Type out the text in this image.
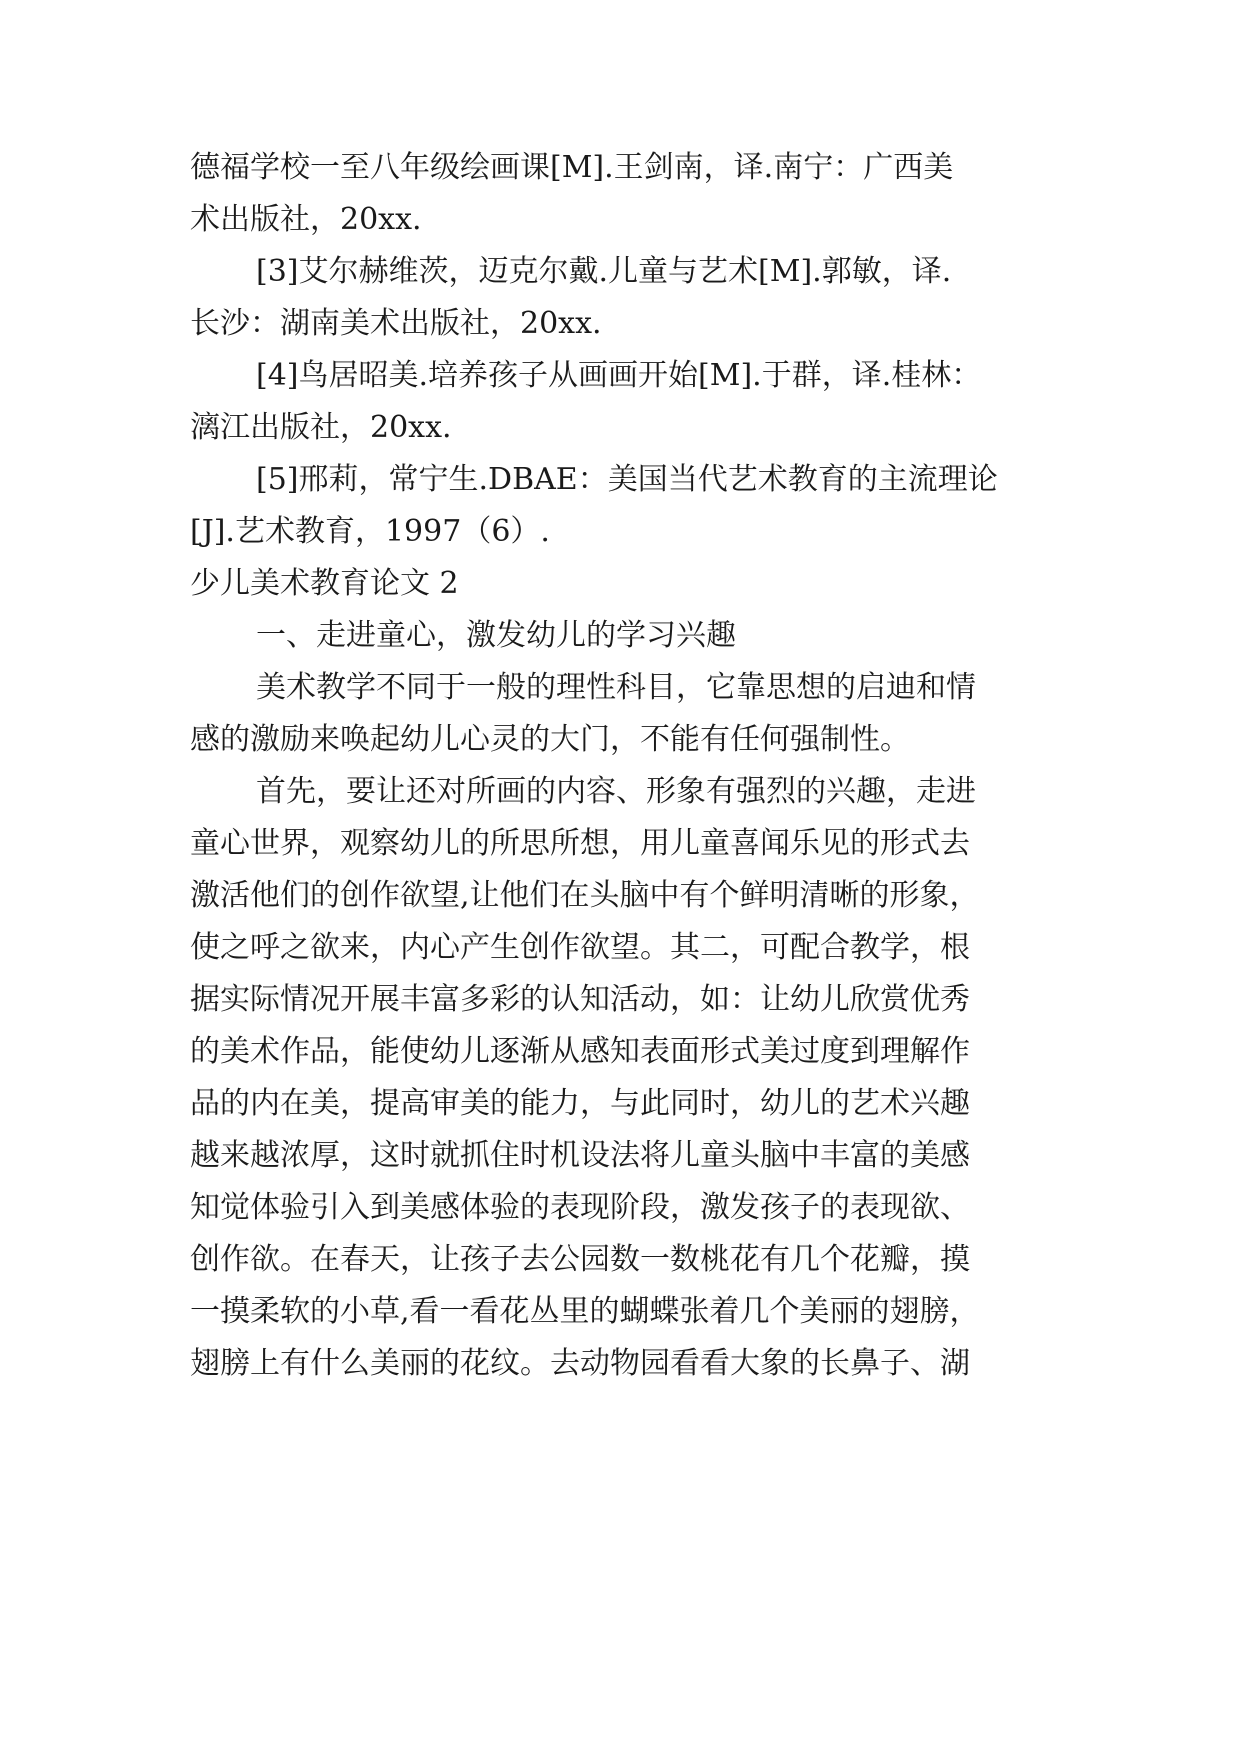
德福学校一至八年级绘画课[M].王剑南，译.南宁：广西美
术出版社，20xx.
[3]艾尔赫维茨，迈克尔戴.儿童与艺术[M].郭敏，译.
长沙：湖南美术出版社，20xx.
[4]鸟居昭美.培养孩子从画画开始[M].于群，译.桂林：
漓江出版社，20xx.
[5]邢莉，常宁生.DBAE：美国当代艺术教育的主流理论
[J].艺术教育，1997（6）.
少儿美术教育论文 2
一、走进童心，激发幼儿的学习兴趣
美术教学不同于一般的理性科目，它靠思想的启迪和情
感的激励来唤起幼儿心灵的大门，不能有任何强制性。
首先，要让还对所画的内容、形象有强烈的兴趣，走进
童心世界，观察幼儿的所思所想，用儿童喜闻乐见的形式去
激活他们的创作欲望,让他们在头脑中有个鲜明清晰的形象，
使之呼之欲来，内心产生创作欲望。其二，可配合教学，根
据实际情况开展丰富多彩的认知活动，如：让幼儿欣赏优秀
的美术作品，能使幼儿逐渐从感知表面形式美过度到理解作
品的内在美，提高审美的能力，与此同时，幼儿的艺术兴趣
越来越浓厚，这时就抓住时机设法将儿童头脑中丰富的美感
知觉体验引入到美感体验的表现阶段，激发孩子的表现欲、
创作欲。在春天，让孩子去公园数一数桃花有几个花瓣，摸
一摸柔软的小草,看一看花丛里的蝴蝶张着几个美丽的翅膀，
翅膀上有什么美丽的花纹。去动物园看看大象的长鼻子、湖
